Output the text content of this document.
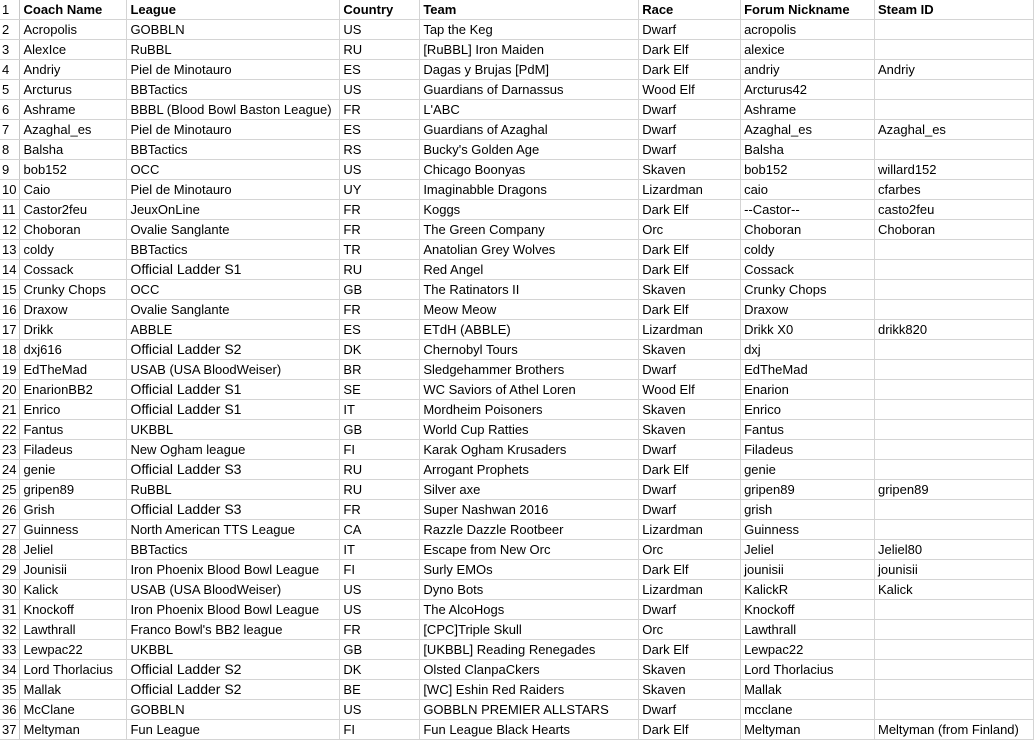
1	Coach Name	League	Country	Team	Race	Forum Nickname	Steam ID
2	Acropolis	GOBBLN	US	Tap the Keg	Dwarf	acropolis	
3	AlexIce	RuBBL	RU	[RuBBL] Iron Maiden	Dark Elf	alexice	
4	Andriy	Piel de Minotauro	ES	Dagas y Brujas [PdM]	Dark Elf	andriy	Andriy
5	Arcturus	BBTactics	US	Guardians of Darnassus	Wood Elf	Arcturus42	
6	Ashrame	BBBL (Blood Bowl Baston League)	FR	L'ABC	Dwarf	Ashrame	
7	Azaghal_es	Piel de Minotauro	ES	Guardians of Azaghal	Dwarf	Azaghal_es	Azaghal_es
8	Balsha	BBTactics	RS	Bucky's Golden Age	Dwarf	Balsha	
9	bob152	OCC	US	Chicago Boonyas	Skaven	bob152	willard152
10	Caio	Piel de Minotauro	UY	Imaginabble Dragons	Lizardman	caio	cfarbes
11	Castor2feu	JeuxOnLine	FR	Koggs	Dark Elf	--Castor--	casto2feu
12	Choboran	Ovalie Sanglante	FR	The Green Company	Orc	Choboran	Choboran
13	coldy	BBTactics	TR	Anatolian Grey Wolves	Dark Elf	coldy	
14	Cossack	Official Ladder S1	RU	Red Angel	Dark Elf	Cossack	
15	Crunky Chops	OCC	GB	The Ratinators II	Skaven	Crunky Chops	
16	Draxow	Ovalie Sanglante	FR	Meow Meow	Dark Elf	Draxow	
17	Drikk	ABBLE	ES	ETdH (ABBLE)	Lizardman	Drikk X0	drikk820
18	dxj616	Official Ladder S2	DK	Chernobyl Tours	Skaven	dxj	
19	EdTheMad	USAB (USA BloodWeiser)	BR	Sledgehammer Brothers	Dwarf	EdTheMad	
20	EnarionBB2	Official Ladder S1	SE	WC Saviors of Athel Loren	Wood Elf	Enarion	
21	Enrico	Official Ladder S1	IT	Mordheim Poisoners	Skaven	Enrico	
22	Fantus	UKBBL	GB	World Cup Ratties	Skaven	Fantus	
23	Filadeus	New Ogham league	FI	Karak Ogham Krusaders	Dwarf	Filadeus	
24	genie	Official Ladder S3	RU	Arrogant Prophets	Dark Elf	genie	
25	gripen89	RuBBL	RU	Silver axe	Dwarf	gripen89	gripen89
26	Grish	Official Ladder S3	FR	Super Nashwan 2016	Dwarf	grish	
27	Guinness	North American TTS League	CA	Razzle Dazzle Rootbeer	Lizardman	Guinness	
28	Jeliel	BBTactics	IT	Escape from New Orc	Orc	Jeliel	Jeliel80
29	Jounisii	Iron Phoenix Blood Bowl League	FI	Surly EMOs	Dark Elf	jounisii	jounisii
30	Kalick	USAB (USA BloodWeiser)	US	Dyno Bots	Lizardman	KalickR	Kalick
31	Knockoff	Iron Phoenix Blood Bowl League	US	The AlcoHogs	Dwarf	Knockoff	
32	Lawthrall	Franco Bowl's BB2 league	FR	[CPC]Triple Skull	Orc	Lawthrall	
33	Lewpac22	UKBBL	GB	[UKBBL] Reading Renegades	Dark Elf	Lewpac22	
34	Lord Thorlacius	Official Ladder S2	DK	Olsted ClanpaCkers	Skaven	Lord Thorlacius	
35	Mallak	Official Ladder S2	BE	[WC] Eshin Red Raiders	Skaven	Mallak	
36	McClane	GOBBLN	US	GOBBLN PREMIER ALLSTARS	Dwarf	mcclane	
37	Meltyman	Fun League	FI	Fun League Black Hearts	Dark Elf	Meltyman	Meltyman (from Finland)
